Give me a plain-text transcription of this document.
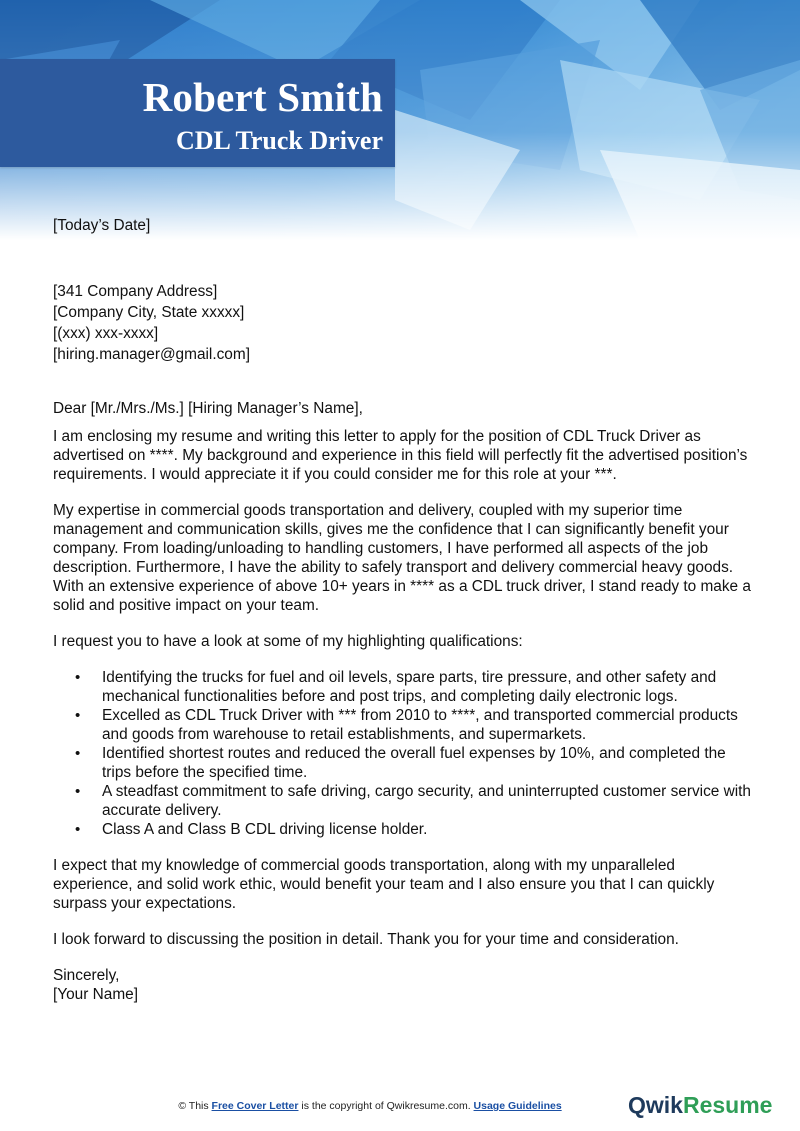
Robert Smith
CDL Truck Driver

[Today’s Date]

[341 Company Address]

[Company City, State xxxxx]

[(xxx) xxx-xxxx]

[hiring.manager@gmail.com]

Dear [Mr./Mrs./Ms.] [Hiring Manager’s Name],

I am enclosing my resume and writing this letter to apply for the position of CDL Truck Driver as advertised on ****. My background and experience in this field will perfectly fit the advertised position’s requirements. I would appreciate it if you could consider me for this role at your ***.

My expertise in commercial goods transportation and delivery, coupled with my superior time management and communication skills, gives me the confidence that I can significantly benefit your company. From loading/unloading to handling customers, I have performed all aspects of the job description. Furthermore, I have the ability to safely transport and delivery commercial heavy goods. With an extensive experience of above 10+ years in **** as a CDL truck driver, I stand ready to make a solid and positive impact on your team.

I request you to have a look at some of my highlighting qualifications:

• Identifying the trucks for fuel and oil levels, spare parts, tire pressure, and other safety and mechanical functionalities before and post trips, and completing daily electronic logs.
• Excelled as CDL Truck Driver with *** from 2010 to ****, and transported commercial products and goods from warehouse to retail establishments, and supermarkets.
• Identified shortest routes and reduced the overall fuel expenses by 10%, and completed the trips before the specified time.
• A steadfast commitment to safe driving, cargo security, and uninterrupted customer service with accurate delivery.
• Class A and Class B CDL driving license holder.

I expect that my knowledge of commercial goods transportation, along with my unparalleled experience, and solid work ethic, would benefit your team and I also ensure you that I can quickly surpass your expectations.

I look forward to discussing the position in detail. Thank you for your time and consideration.

Sincerely,

[Your Name]

© This Free Cover Letter is the copyright of Qwikresume.com. Usage Guidelines	QwikResume
